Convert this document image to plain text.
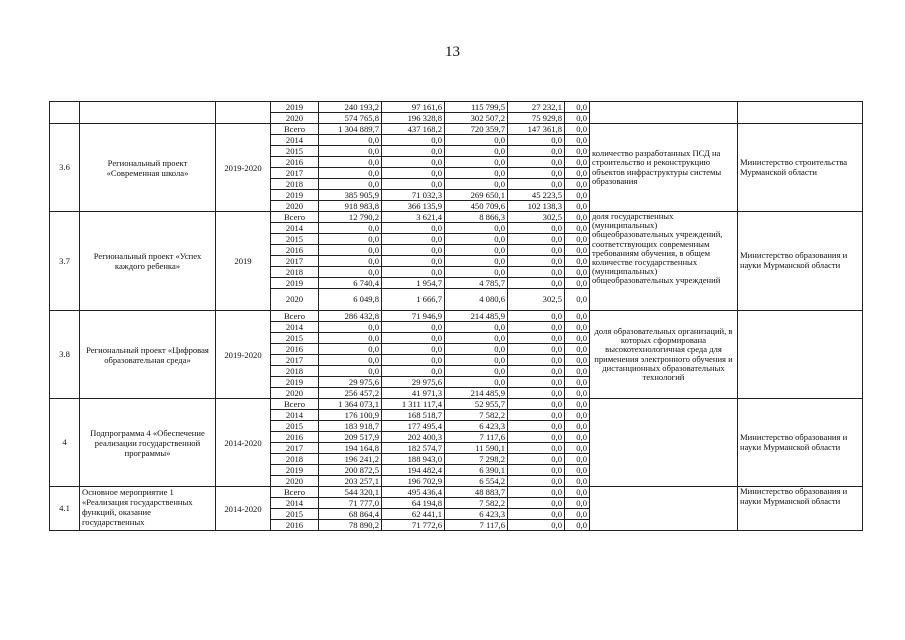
13
			2019	240 193,2	97 161,6	115 799,5	27 232,1	0,0		
			2020	574 765,8	196 328,8	302 507,2	75 929,8	0,0		
3.6	Региональный проект «Современная школа»	2019-2020	Всего	1 304 889,7	437 168,2	720 359,7	147 361,8	0,0	количество разработанных ПСД на строительство и реконструкцию объектов инфраструктуры системы образования	Министерство строительства Мурманской области
			2014	0,0	0,0	0,0	0,0	0,0		
			2015	0,0	0,0	0,0	0,0	0,0		
			2016	0,0	0,0	0,0	0,0	0,0		
			2017	0,0	0,0	0,0	0,0	0,0		
			2018	0,0	0,0	0,0	0,0	0,0		
			2019	385 905,9	71 032,3	269 650,1	45 223,5	0,0		
			2020	918 983,8	366 135,9	450 709,6	102 138,3	0,0		
3.7	Региональный проект «Успех каждого ребенка»	2019	Всего	12 790,2	3 621,4	8 866,3	302,5	0,0	доля государственных (муниципальных) общеобразовательных учреждений, соответствующих современным требованиям обучения, в общем количестве государственных (муниципальных) общеобразовательных учреждений	Министерство образования и науки Мурманской области
			2014	0,0	0,0	0,0	0,0	0,0		
			2015	0,0	0,0	0,0	0,0	0,0		
			2016	0,0	0,0	0,0	0,0	0,0		
			2017	0,0	0,0	0,0	0,0	0,0		
			2018	0,0	0,0	0,0	0,0	0,0		
			2019	6 740,4	1 954,7	4 785,7	0,0	0,0		
			2020	6 049,8	1 666,7	4 080,6	302,5	0,0		
3.8	Региональный проект «Цифровая образовательная среда»	2019-2020	Всего	286 432,8	71 946,9	214 485,9	0,0	0,0	доля образовательных организаций, в которых сформирована высокотехнологичная среда для применения электронного обучения и дистанционных образовательных технологий	
			2014	0,0	0,0	0,0	0,0	0,0		
			2015	0,0	0,0	0,0	0,0	0,0		
			2016	0,0	0,0	0,0	0,0	0,0		
			2017	0,0	0,0	0,0	0,0	0,0		
			2018	0,0	0,0	0,0	0,0	0,0		
			2019	29 975,6	29 975,6	0,0	0,0	0,0		
			2020	256 457,2	41 971,3	214 485,9	0,0	0,0		
4	Подпрограмма 4 «Обеспечение реализации государственной программы»	2014-2020	Всего	1 364 073,1	1 311 117,4	52 955,7	0,0	0,0		Министерство образования и науки Мурманской области
			2014	176 100,9	168 518,7	7 582,2	0,0	0,0		
			2015	183 918,7	177 495,4	6 423,3	0,0	0,0		
			2016	209 517,9	202 400,3	7 117,6	0,0	0,0		
			2017	194 164,8	182 574,7	11 590,1	0,0	0,0		
			2018	196 241,2	188 943,0	7 298,2	0,0	0,0		
			2019	200 872,5	194 482,4	6 390,1	0,0	0,0		
			2020	203 257,1	196 702,9	6 554,2	0,0	0,0		
4.1	Основное мероприятие 1 «Реализация государственных функций, оказание государственных	2014-2020	Всего	544 320,1	495 436,4	48 883,7	0,0	0,0		Министерство образования и науки Мурманской области
			2014	71 777,0	64 194,8	7 582,2	0,0	0,0		
			2015	68 864,4	62 441,1	6 423,3	0,0	0,0		
			2016	78 890,2	71 772,6	7 117,6	0,0	0,0		
